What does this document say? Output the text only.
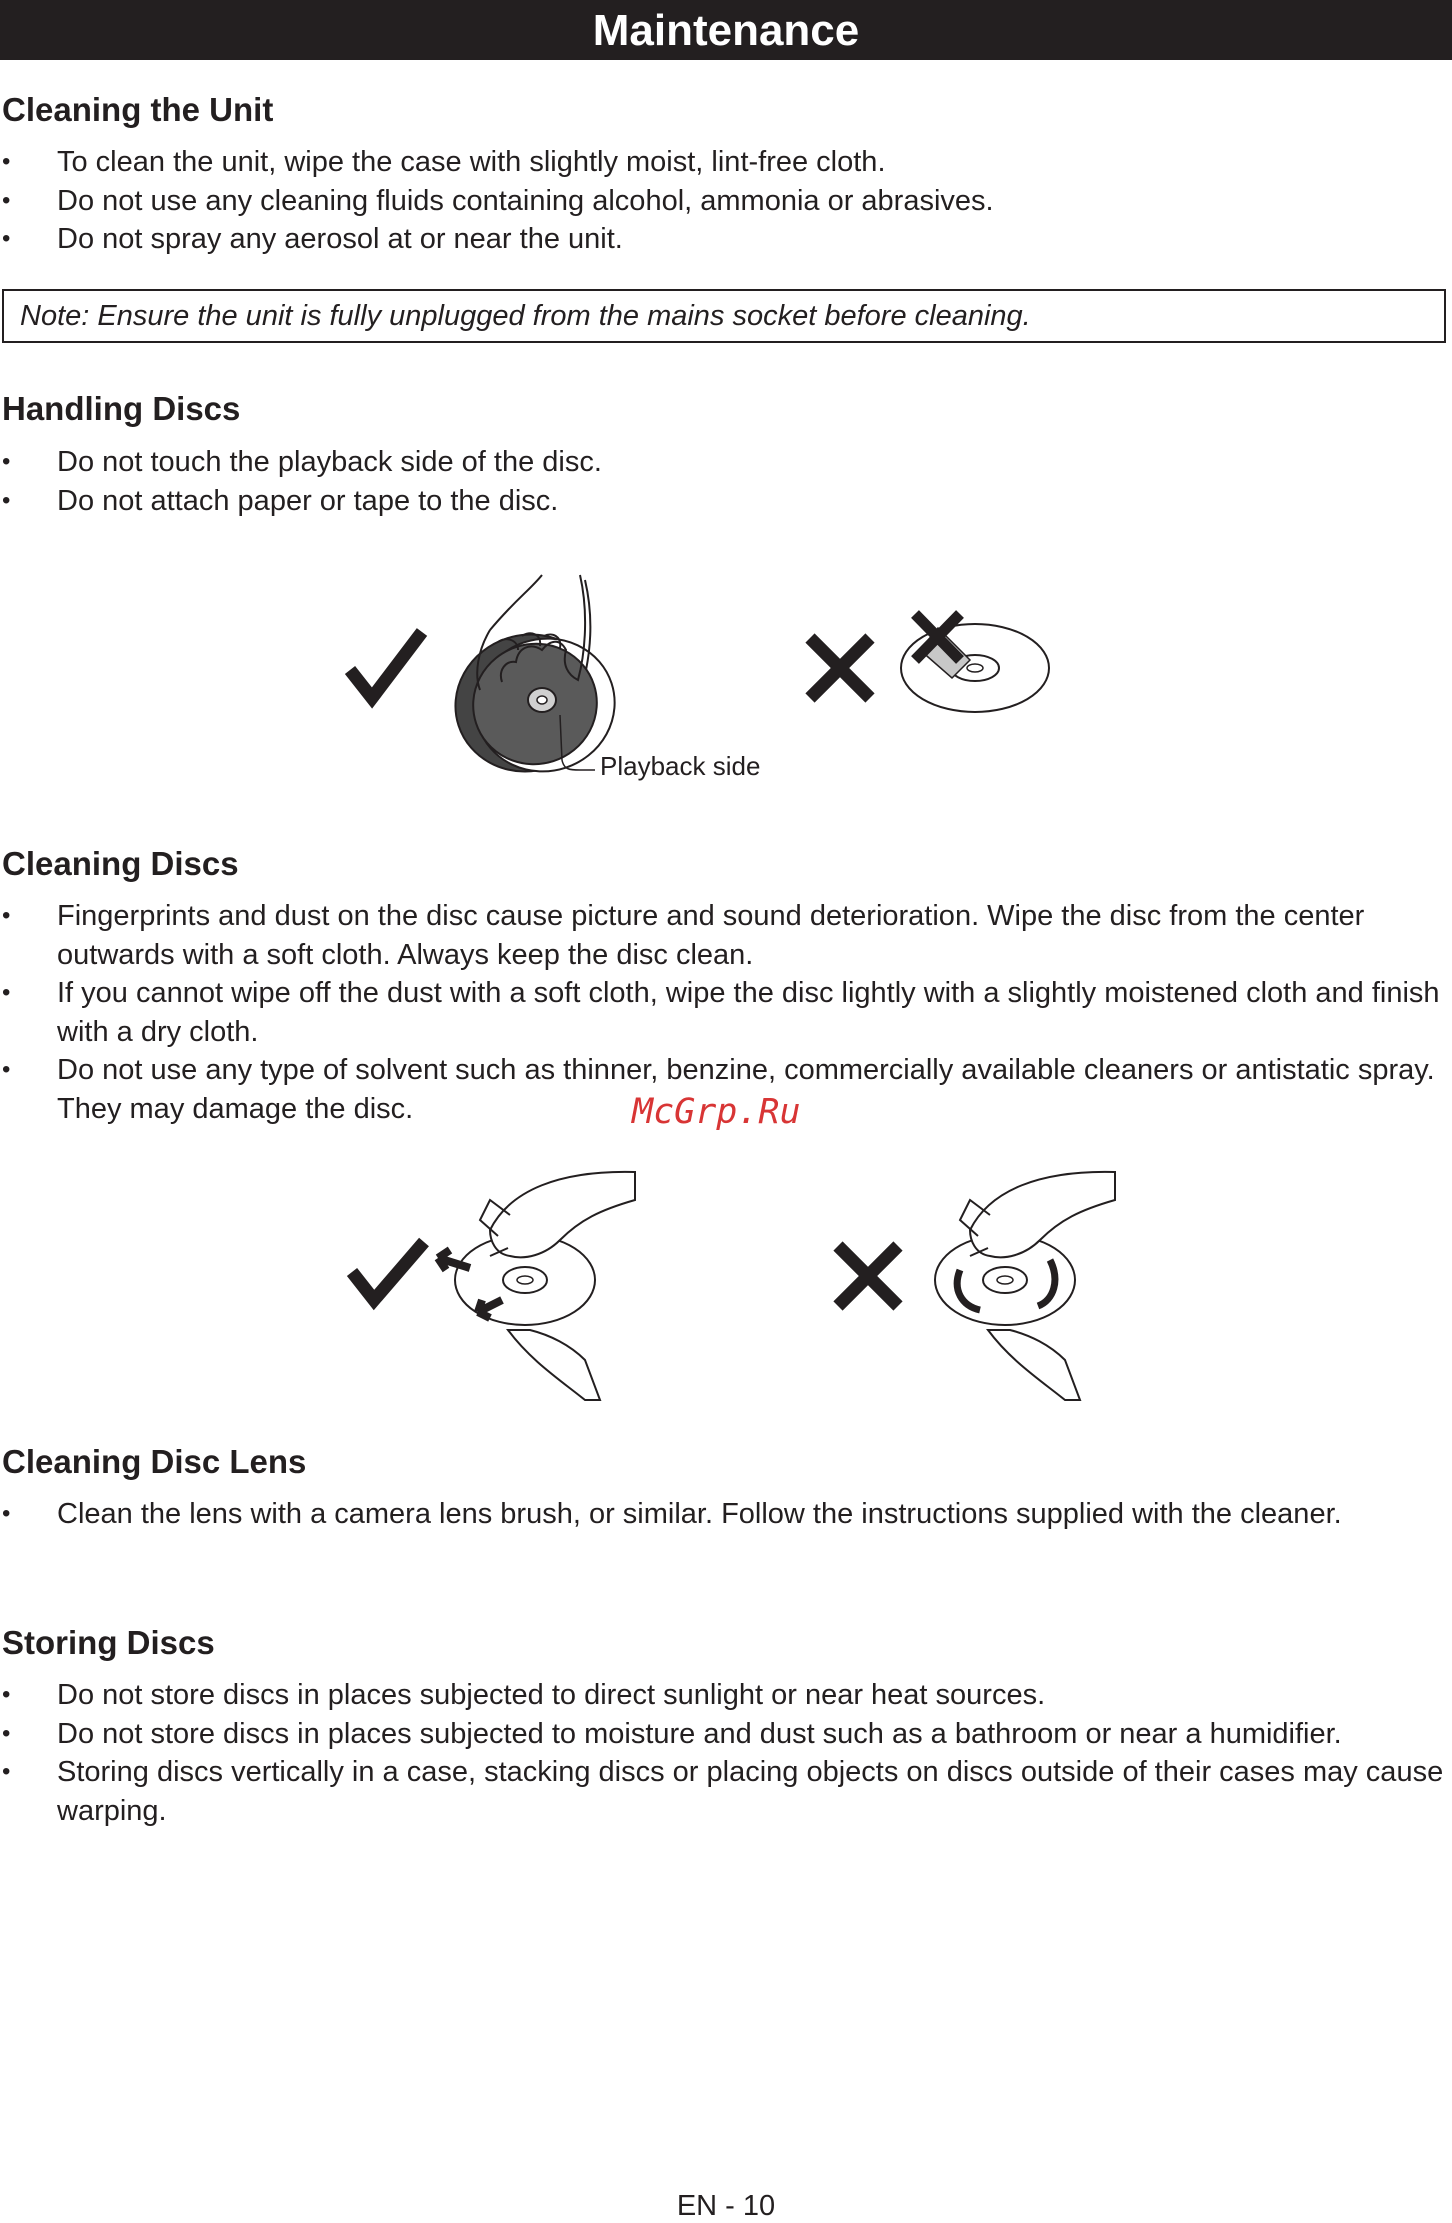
Maintenance
Cleaning the Unit
• To clean the unit, wipe the case with slightly moist, lint-free cloth.
• Do not use any cleaning fluids containing alcohol, ammonia or abrasives.
• Do not spray any aerosol at or near the unit.
Note: Ensure the unit is fully unplugged from the mains socket before cleaning.
Handling Discs
• Do not touch the playback side of the disc.
• Do not attach paper or tape to the disc.
Playback side
Cleaning Discs
• Fingerprints and dust on the disc cause picture and sound deterioration. Wipe the disc from the center outwards with a soft cloth. Always keep the disc clean.
• If you cannot wipe off the dust with a soft cloth, wipe the disc lightly with a slightly moistened cloth and finish with a dry cloth.
• Do not use any type of solvent such as thinner, benzine, commercially available cleaners or antistatic spray. They may damage the disc.	McGrp.Ru
Cleaning Disc Lens
• Clean the lens with a camera lens brush, or similar. Follow the instructions supplied with the cleaner.
Storing Discs
• Do not store discs in places subjected to direct sunlight or near heat sources.
• Do not store discs in places subjected to moisture and dust such as a bathroom or near a humidifier.
• Storing discs vertically in a case, stacking discs or placing objects on discs outside of their cases may cause warping.
EN - 10
